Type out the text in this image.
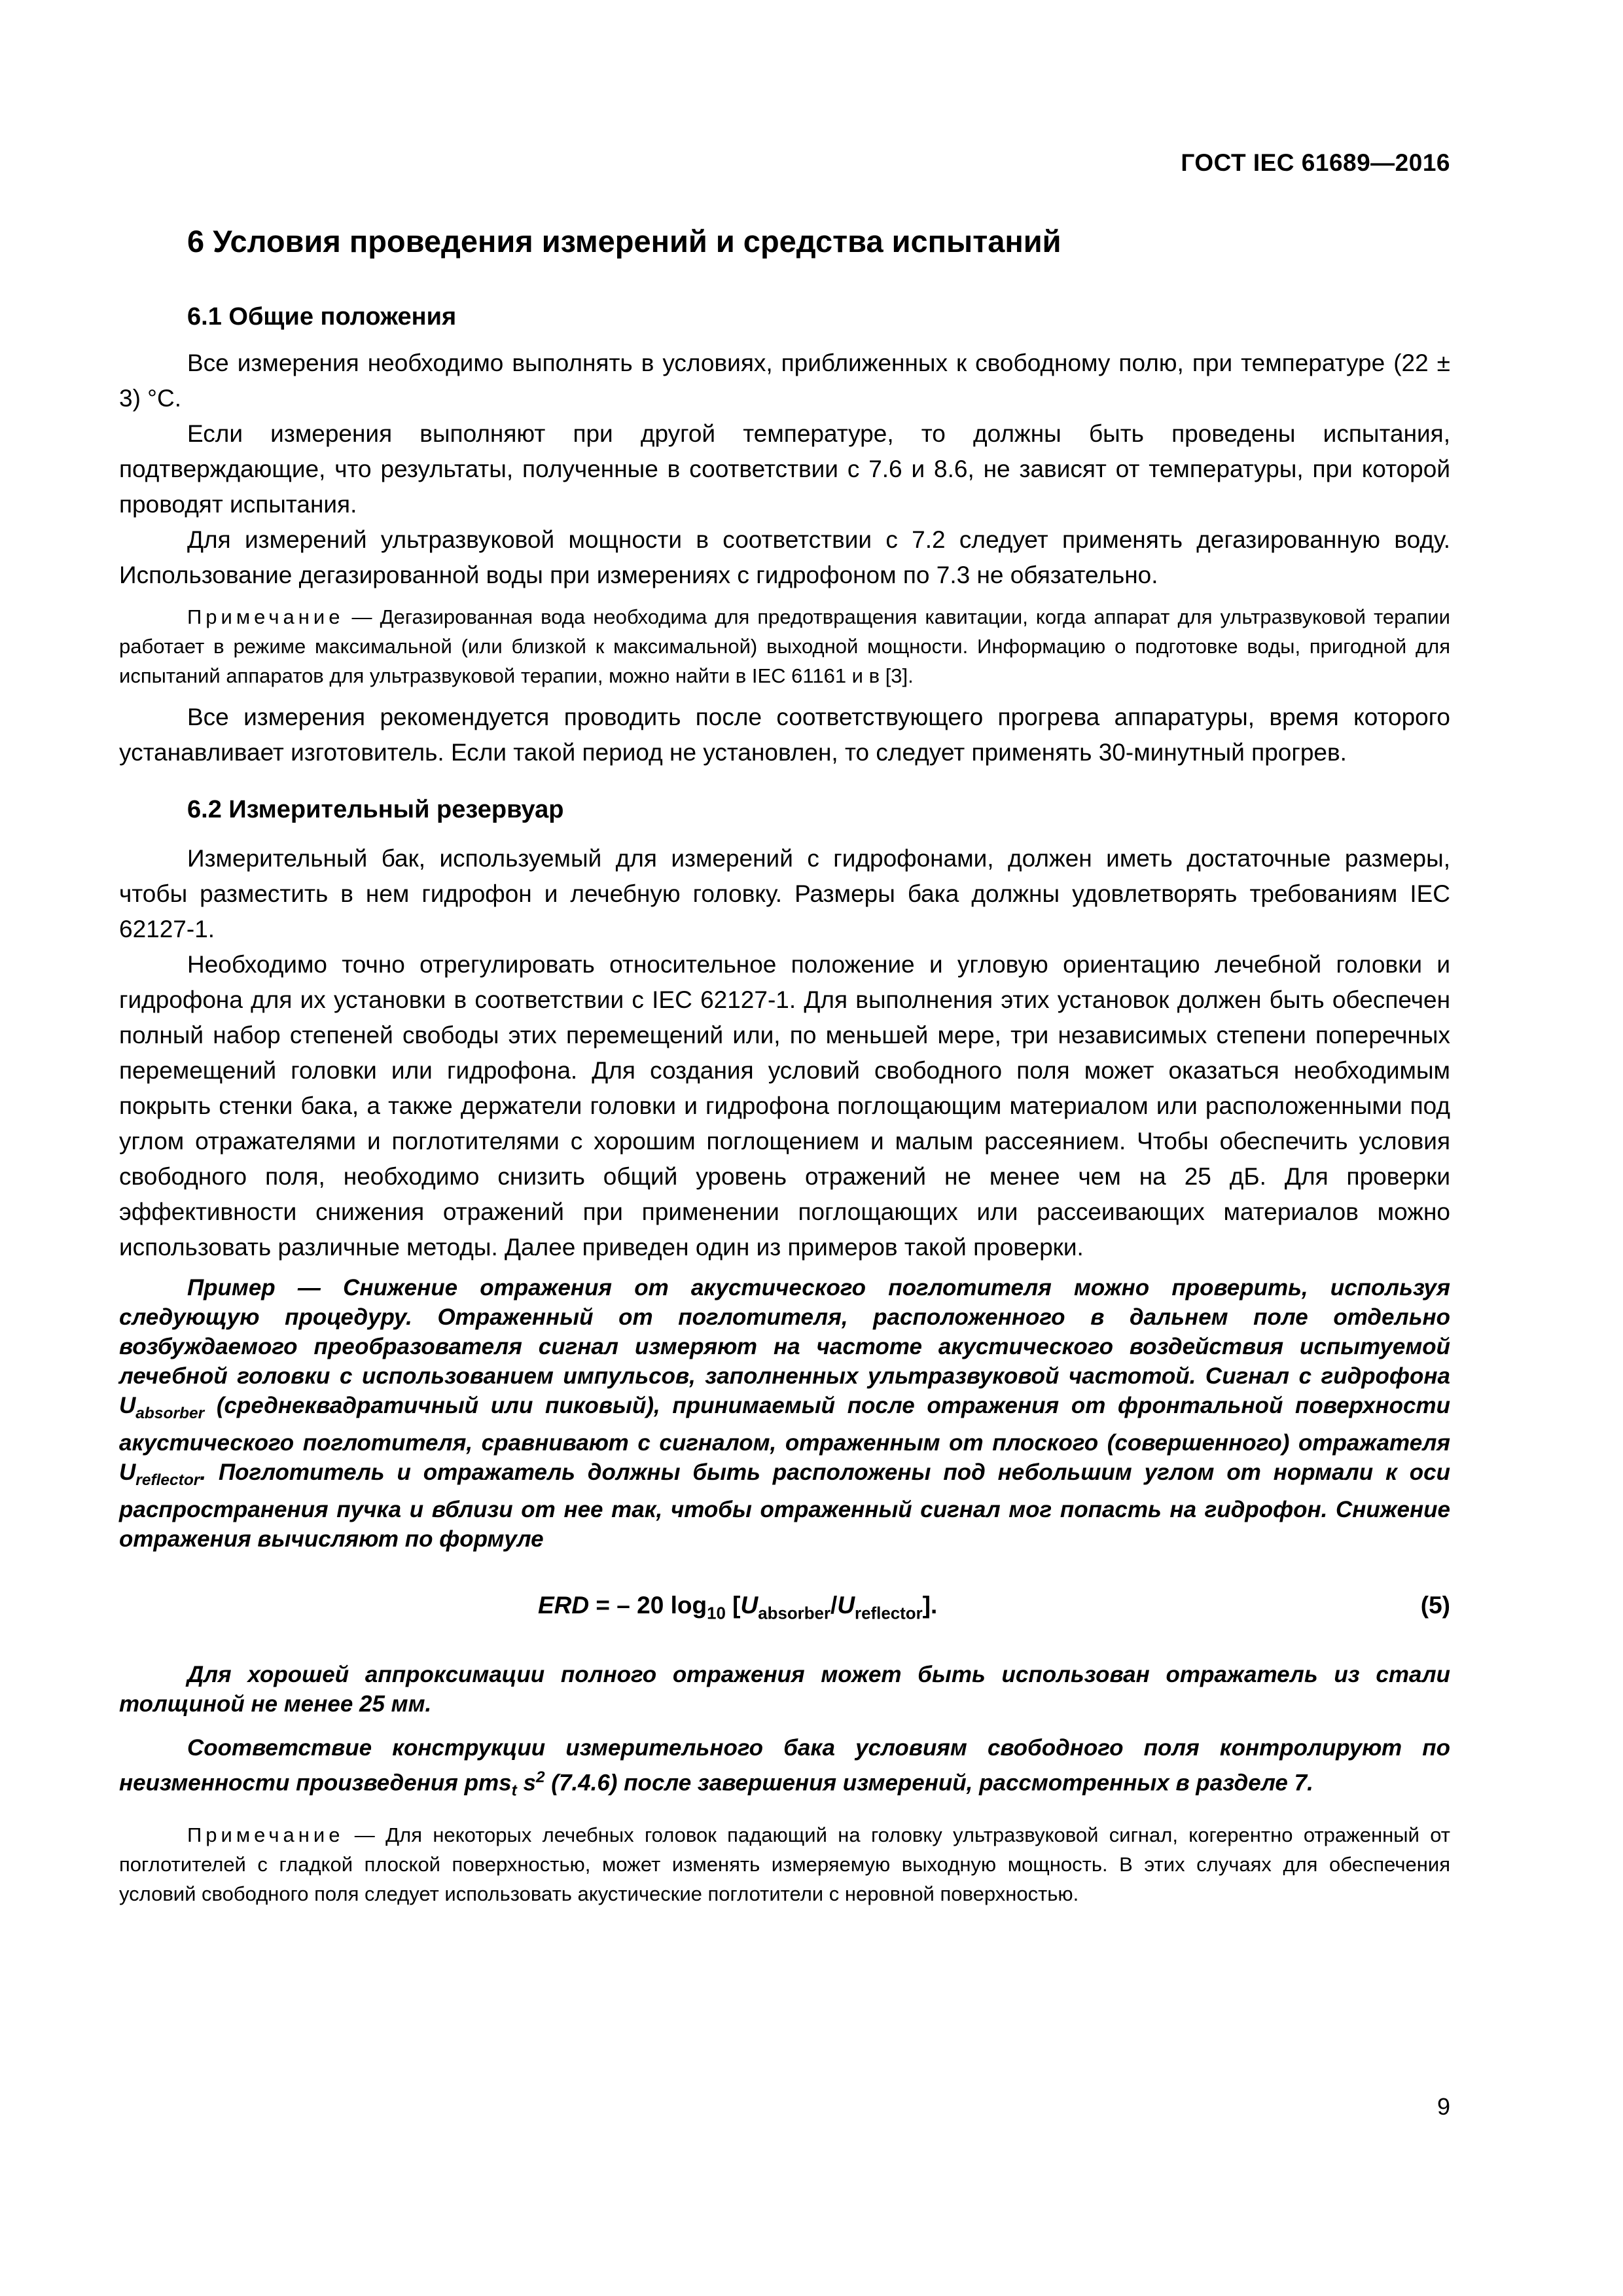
ГОСТ IEC 61689—2016
6 Условия проведения измерений и средства испытаний
6.1 Общие положения

Все измерения необходимо выполнять в условиях, приближенных к свободному полю, при температуре (22 ± 3) °С.

Если измерения выполняют при другой температуре, то должны быть проведены испытания, подтверждающие, что результаты, полученные в соответствии с 7.6 и 8.6, не зависят от температуры, при которой проводят испытания.

Для измерений ультразвуковой мощности в соответствии с 7.2 следует применять дегазированную воду. Использование дегазированной воды при измерениях с гидрофоном по 7.3 не обязательно.

Примечание — Дегазированная вода необходима для предотвращения кавитации, когда аппарат для ультразвуковой терапии работает в режиме максимальной (или близкой к максимальной) выходной мощности. Информацию о подготовке воды, пригодной для испытаний аппаратов для ультразвуковой терапии, можно найти в IEC 61161 и в [3].

Все измерения рекомендуется проводить после соответствующего прогрева аппаратуры, время которого устанавливает изготовитель. Если такой период не установлен, то следует применять 30-минутный прогрев.

6.2 Измерительный резервуар

Измерительный бак, используемый для измерений с гидрофонами, должен иметь достаточные размеры, чтобы разместить в нем гидрофон и лечебную головку. Размеры бака должны удовлетворять требованиям IEC 62127-1.

Необходимо точно отрегулировать относительное положение и угловую ориентацию лечебной головки и гидрофона для их установки в соответствии с IEC 62127-1. Для выполнения этих установок должен быть обеспечен полный набор степеней свободы этих перемещений или, по меньшей мере, три независимых степени поперечных перемещений головки или гидрофона. Для создания условий свободного поля может оказаться необходимым покрыть стенки бака, а также держатели головки и гидрофона поглощающим материалом или расположенными под углом отражателями и поглотителями с хорошим поглощением и малым рассеянием. Чтобы обеспечить условия свободного поля, необходимо снизить общий уровень отражений не менее чем на 25 дБ. Для проверки эффективности снижения отражений при применении поглощающих или рассеивающих материалов можно использовать различные методы. Далее приведен один из примеров такой проверки.

Пример — Снижение отражения от акустического поглотителя можно проверить, используя следующую процедуру. Отраженный от поглотителя, расположенного в дальнем поле отдельно возбуждаемого преобразователя сигнал измеряют на частоте акустического воздействия испытуемой лечебной головки с использованием импульсов, заполненных ультразвуковой частотой. Сигнал с гидрофона $U_{absorber}$ (среднеквадратичный или пиковый), принимаемый после отражения от фронтальной поверхности акустического поглотителя, сравнивают с сигналом, отраженным от плоского (совершенного) отражателя $U_{reflector}$. Поглотитель и отражатель должны быть расположены под небольшим углом от нормали к оси распространения пучка и вблизи от нее так, чтобы отраженный сигнал мог попасть на гидрофон. Снижение отражения вычисляют по формуле

ERD = – 20 $\log_{10} [U_{absorber}/U_{reflector}]$.	(5)

Для хорошей аппроксимации полного отражения может быть использован отражатель из стали толщиной не менее 25 мм.

Соответствие конструкции измерительного бака условиям свободного поля контролируют по неизменности произведения pms$_t$ $s^2$ (7.4.6) после завершения измерений, рассмотренных в разделе 7.

Примечание — Для некоторых лечебных головок падающий на головку ультразвуковой сигнал, когерентно отраженный от поглотителей с гладкой плоской поверхностью, может изменять измеряемую выходную мощность. В этих случаях для обеспечения условий свободного поля следует использовать акустические поглотители с неровной поверхностью.

9
